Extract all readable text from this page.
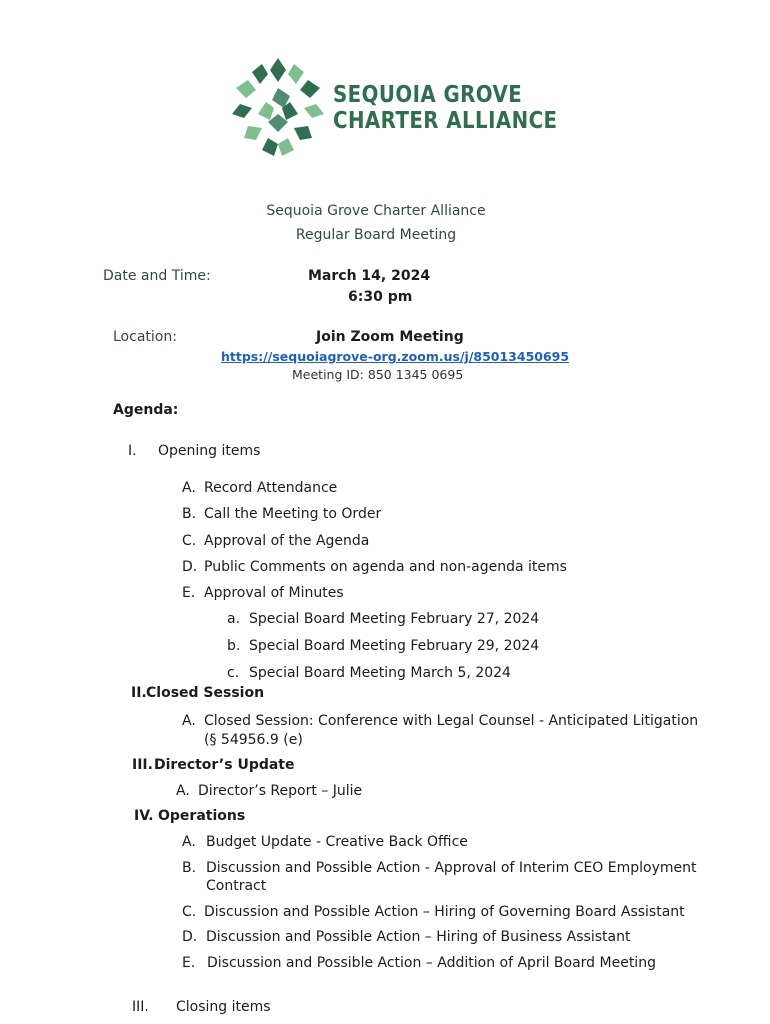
SEQUOIA GROVE
CHARTER ALLIANCE
Sequoia Grove Charter Alliance
Regular Board Meeting
Date and Time:	March 14, 2024
6:30 pm
Location:	Join Zoom Meeting
https://sequoiagrove-org.zoom.us/j/85013450695
Meeting ID: 850 1345 0695
Agenda:
I. Opening items
A. Record Attendance
B. Call the Meeting to Order
C. Approval of the Agenda
D. Public Comments on agenda and non-agenda items
E. Approval of Minutes
a. Special Board Meeting February 27, 2024
b. Special Board Meeting February 29, 2024
c. Special Board Meeting March 5, 2024
II. Closed Session
A. Closed Session: Conference with Legal Counsel - Anticipated Litigation
(§ 54956.9 (e)
III. Director’s Update
A. Director’s Report – Julie
IV. Operations
A. Budget Update - Creative Back Office
B. Discussion and Possible Action - Approval of Interim CEO Employment
Contract
C. Discussion and Possible Action – Hiring of Governing Board Assistant
D. Discussion and Possible Action – Hiring of Business Assistant
E. Discussion and Possible Action – Addition of April Board Meeting
III. Closing items
